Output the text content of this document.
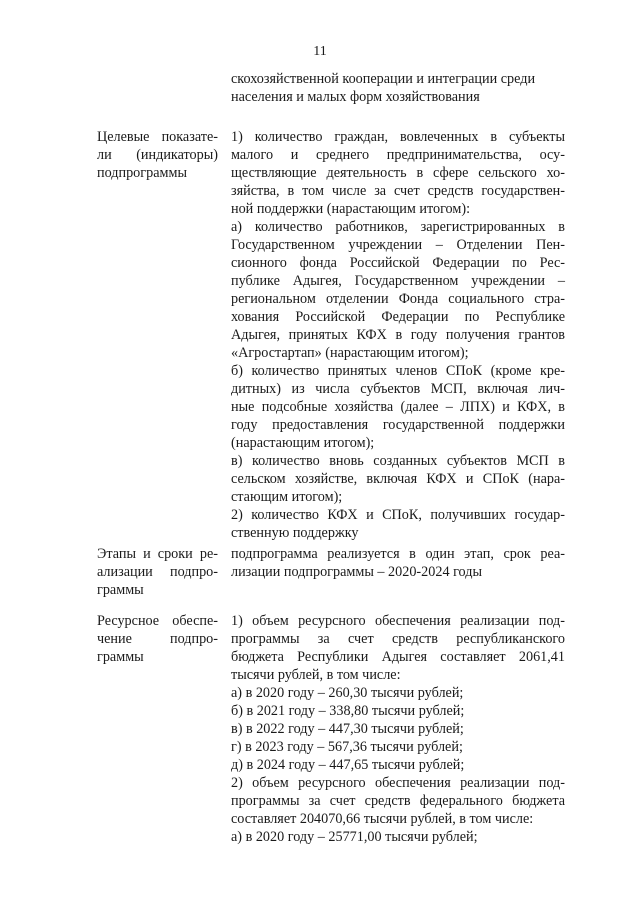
11
скохозяйственной кооперации и интеграции среди
населения и малых форм хозяйствования
Целевые показате-
ли (индикаторы)
подпрограммы
1) количество граждан, вовлеченных в субъекты
малого и среднего предпринимательства, осу-
ществляющие деятельность в сфере сельского хо-
зяйства, в том числе за счет средств государствен-
ной поддержки (нарастающим итогом):
а) количество работников, зарегистрированных в
Государственном учреждении – Отделении Пен-
сионного фонда Российской Федерации по Рес-
публике Адыгея, Государственном учреждении –
региональном отделении Фонда социального стра-
хования Российской Федерации по Республике
Адыгея, принятых КФХ в году получения грантов
«Агростартап» (нарастающим итогом);
б) количество принятых членов СПоК (кроме кре-
дитных) из числа субъектов МСП, включая лич-
ные подсобные хозяйства (далее – ЛПХ) и КФХ, в
году предоставления государственной поддержки
(нарастающим итогом);
в) количество вновь созданных субъектов МСП в
сельском хозяйстве, включая КФХ и СПоК (нара-
стающим итогом);
2) количество КФХ и СПоК, получивших государ-
ственную поддержку
Этапы и сроки ре-
ализации подпро-
граммы
подпрограмма реализуется в один этап, срок реа-
лизации подпрограммы – 2020-2024 годы
Ресурсное обеспе-
чение подпро-
граммы
1) объем ресурсного обеспечения реализации под-
программы за счет средств республиканского
бюджета Республики Адыгея составляет 2061,41
тысячи рублей, в том числе:
а) в 2020 году – 260,30 тысячи рублей;
б) в 2021 году – 338,80 тысячи рублей;
в) в 2022 году – 447,30 тысячи рублей;
г) в 2023 году – 567,36 тысячи рублей;
д) в 2024 году – 447,65 тысячи рублей;
2) объем ресурсного обеспечения реализации под-
программы за счет средств федерального бюджета
составляет 204070,66 тысячи рублей, в том числе:
а) в 2020 году – 25771,00 тысячи рублей;
